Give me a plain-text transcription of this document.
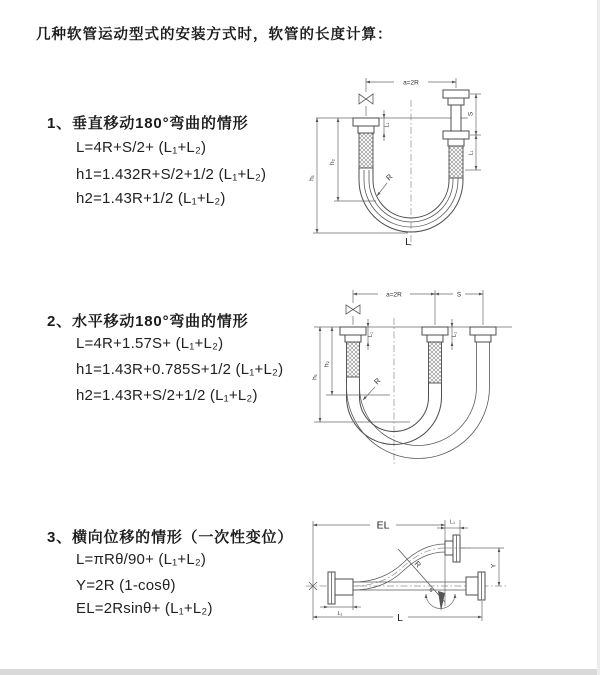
几种软管运动型式的安装方式时，软管的长度计算：
1、垂直移动180°弯曲的情形
L=4R+S/2+ (L₁+L₂)
h1=1.432R+S/2+1/2 (L₁+L₂)
h2=1.43R+1/2 (L₁+L₂)
a=2R
h₂
h₁
S
L₁
L₁
R
L
2、水平移动180°弯曲的情形
L=4R+1.57S+ (L₁+L₂)
h1=1.43R+0.785S+1/2 (L₁+L₂)
h2=1.43R+S/2+1/2 (L₁+L₂)
a=2R	S
h₂
h₁
L₁	L₁
R
3、横向位移的情形（一次性变位）
L=πRθ/90+ (L₁+L₂)
Y=2R (1-cosθ)
EL=2Rsinθ+ (L₁+L₂)
EL	L₁
L₁	L
Y
R
θ
